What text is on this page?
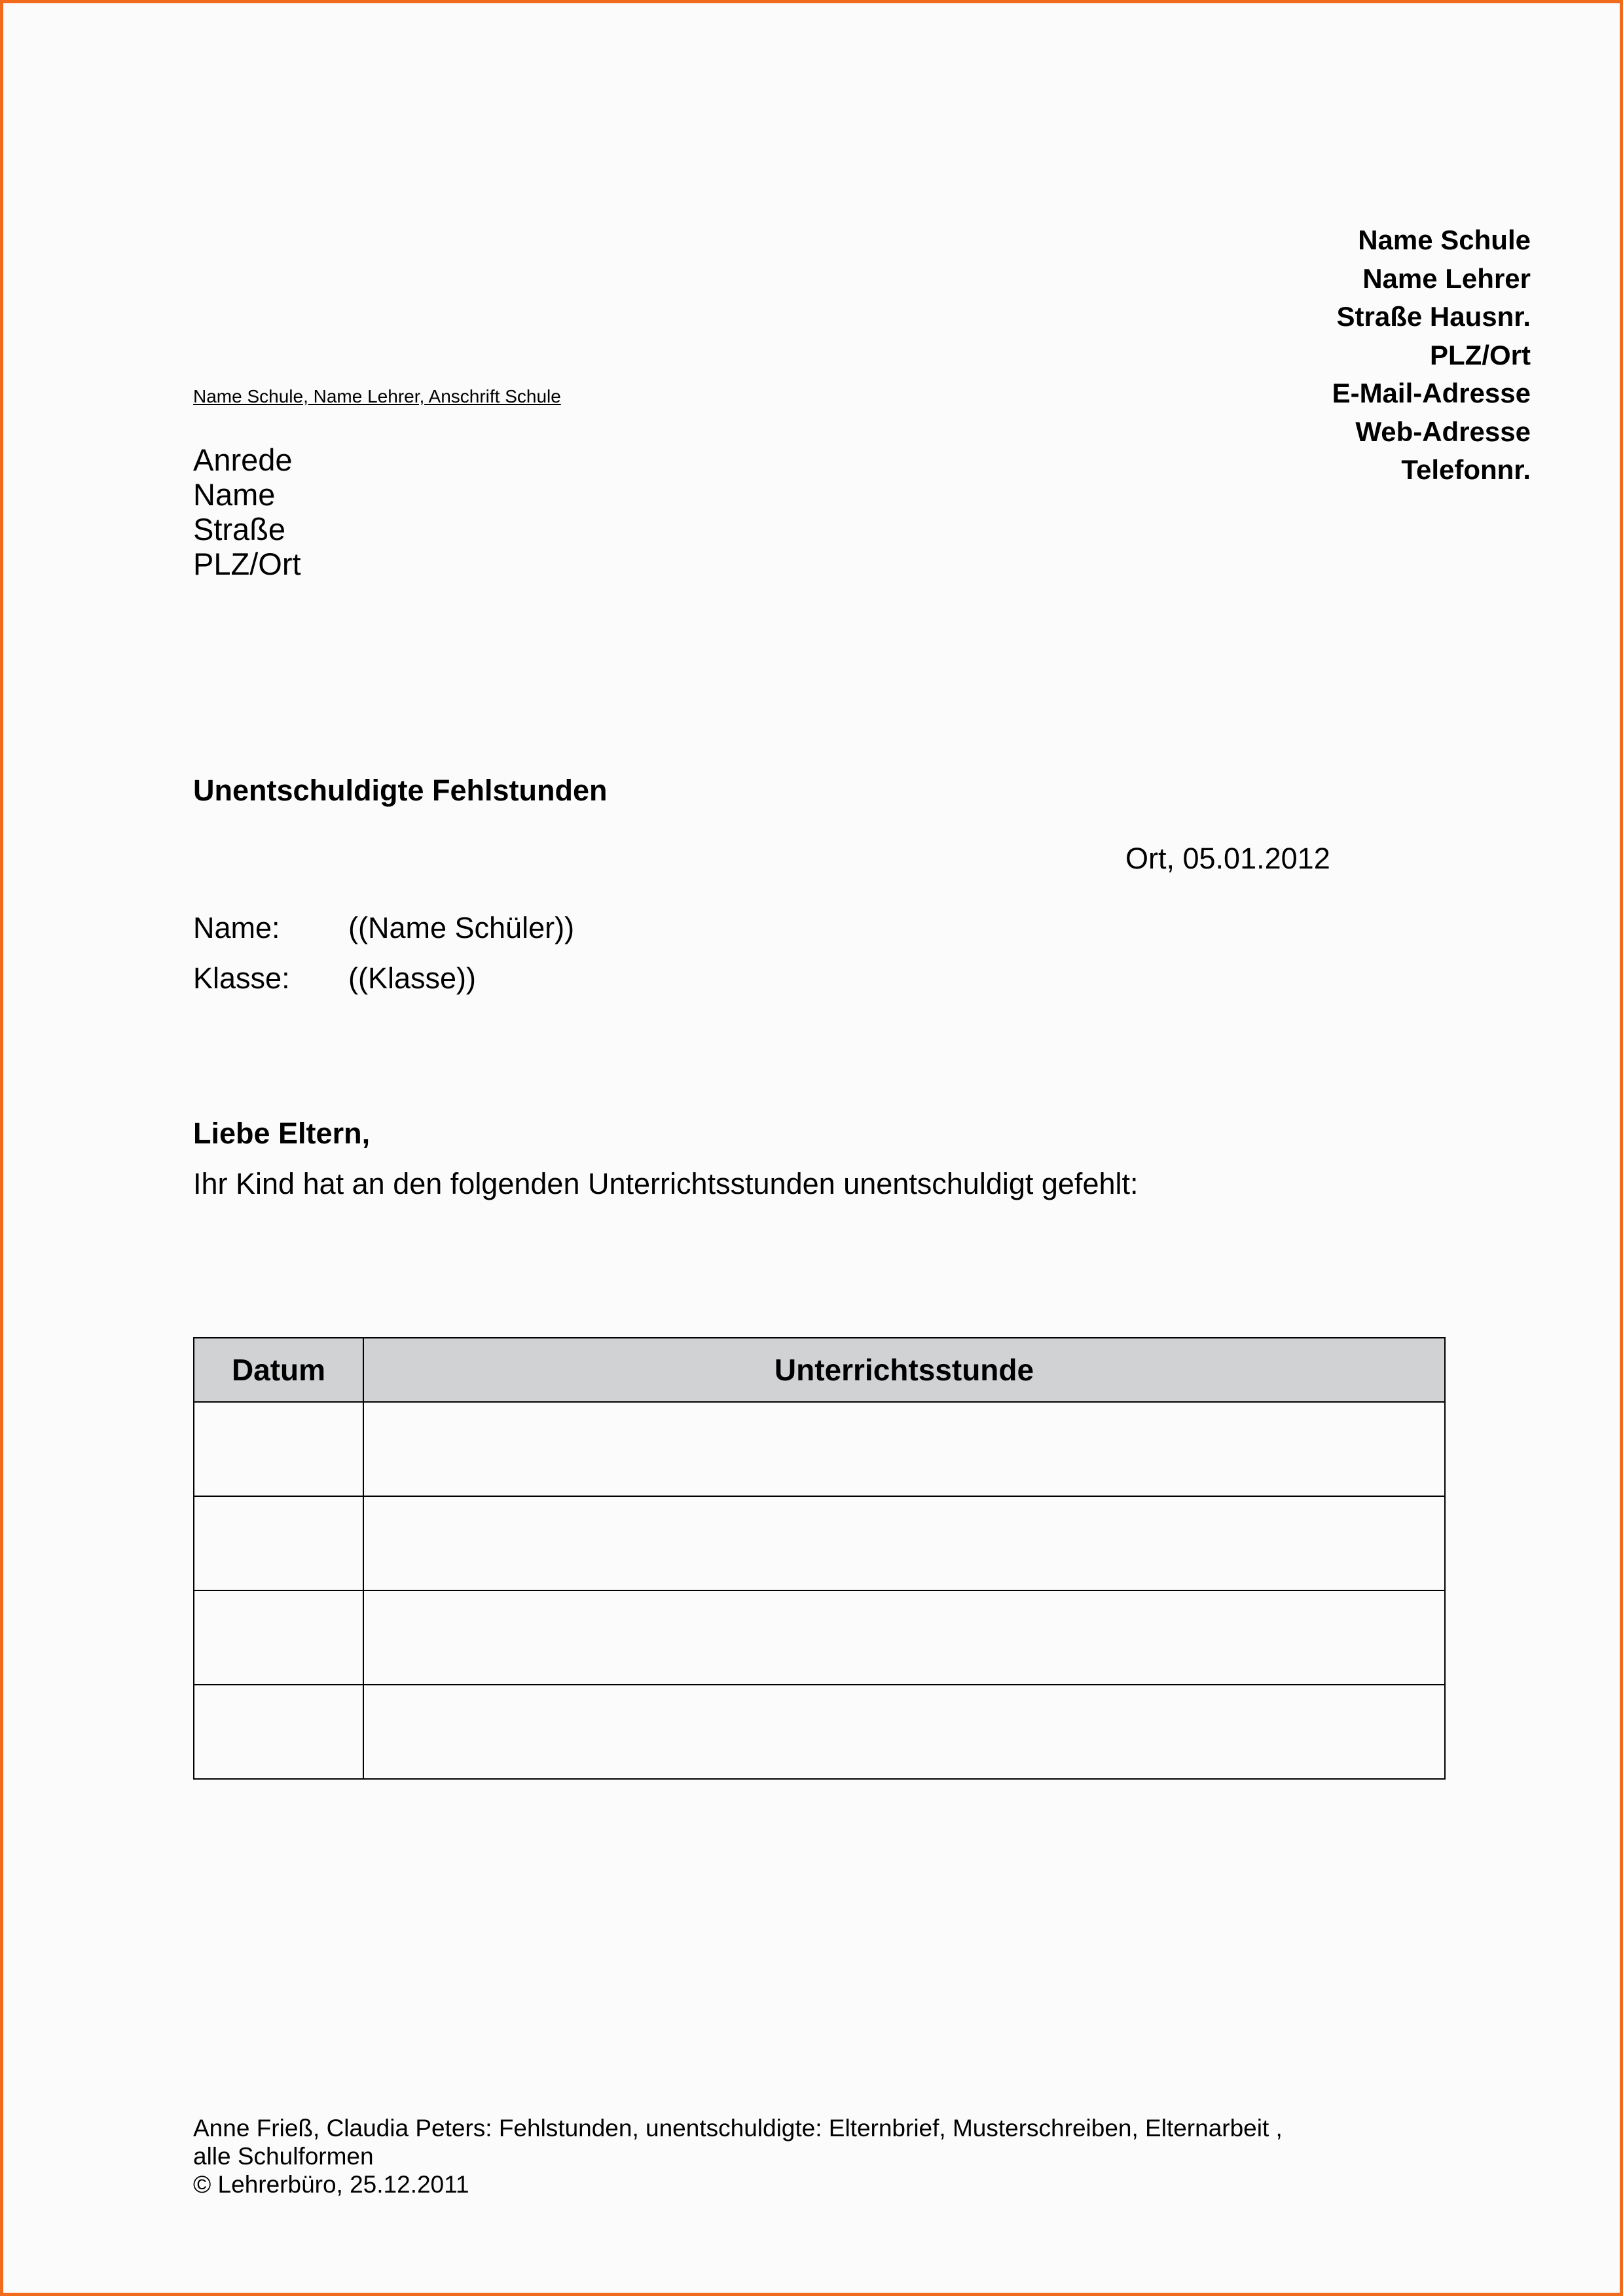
Name Schule
Name Lehrer
Straße Hausnr.
PLZ/Ort
E-Mail-Adresse
Web-Adresse
Telefonnr.
Name Schule, Name Lehrer, Anschrift Schule
Anrede
Name
Straße
PLZ/Ort
Unentschuldigte Fehlstunden
Ort, 05.01.2012
Name: ((Name Schüler))
Klasse: ((Klasse))
Liebe Eltern,
Ihr Kind hat an den folgenden Unterrichtsstunden unentschuldigt gefehlt:
Datum	Unterrichtsstunde

Anne Frieß, Claudia Peters: Fehlstunden, unentschuldigte: Elternbrief, Musterschreiben, Elternarbeit ,
alle Schulformen
© Lehrerbüro, 25.12.2011
